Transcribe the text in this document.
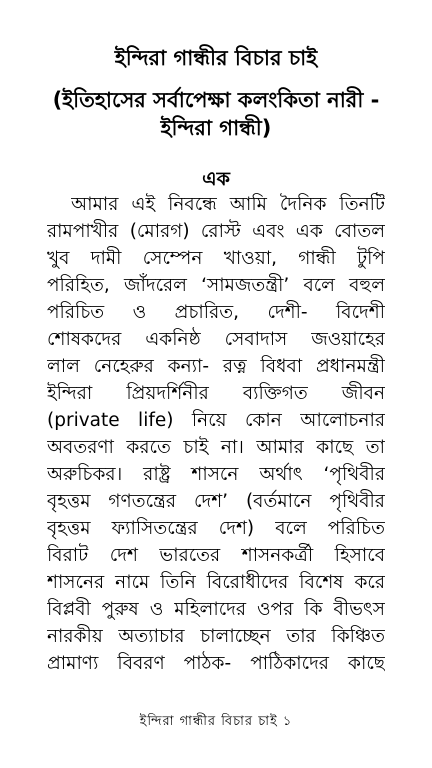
ইন্দিরা গান্ধীর বিচার চাই
(ইতিহাসের সর্বাপেক্ষা কলংকিতা নারী -
ইন্দিরা গান্ধী)
এক
আমার এই নিবন্ধে আমি দৈনিক তিনটি
রামপাখীর (মোরগ) রোস্ট এবং এক বোতল
খুব দামী সেম্পেন খাওয়া, গান্ধী টুপি
পরিহিত, জাঁদরেল ‘সামজতন্ত্রী’ বলে বহুল
পরিচিত ও প্রচারিত, দেশী- বিদেশী
শোষকদের একনিষ্ঠ সেবাদাস জওয়াহের
লাল নেহেরুর কন্যা- রত্ন বিধবা প্রধানমন্ত্রী
ইন্দিরা প্রিয়দর্শিনীর ব্যক্তিগত জীবন
(private life) নিয়ে কোন আলোচনার
অবতরণা করতে চাই না। আমার কাছে তা
অরুচিকর। রাষ্ট্র শাসনে অর্থাৎ ‘পৃথিবীর
বৃহত্তম গণতন্ত্রের দেশ’ (বর্তমানে পৃথিবীর
বৃহত্তম ফ্যাসিতন্ত্রের দেশ) বলে পরিচিত
বিরাট দেশ ভারতের শাসনকর্ত্রী হিসাবে
শাসনের নামে তিনি বিরোধীদের বিশেষ করে
বিপ্লবী পুরুষ ও মহিলাদের ওপর কি বীভৎস
নারকীয় অত্যাচার চালাচ্ছেন তার কিঞ্চিত
প্রামাণ্য বিবরণ পাঠক- পাঠিকাদের কাছে
ইন্দিরা গান্ধীর বিচার চাই ১
